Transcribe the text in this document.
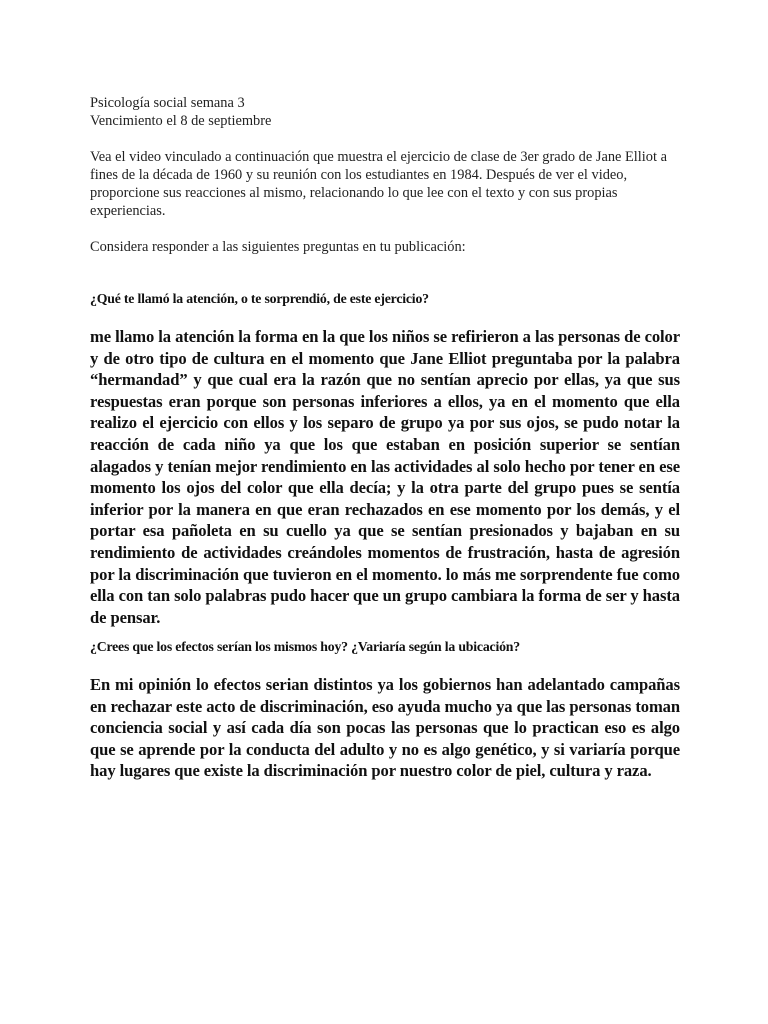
Psicología social semana 3

Vencimiento el 8 de septiembre

Vea el video vinculado a continuación que muestra el ejercicio de clase de 3er grado de Jane Elliot a fines de la década de 1960 y su reunión con los estudiantes en 1984. Después de ver el video, proporcione sus reacciones al mismo, relacionando lo que lee con el texto y con sus propias experiencias.

Considera responder a las siguientes preguntas en tu publicación:

¿Qué te llamó la atención, o te sorprendió, de este ejercicio?

me llamo la atención la forma en la que los niños se refirieron a las personas de color y de otro tipo de cultura en el momento que Jane Elliot preguntaba por la palabra “hermandad” y que cual era la razón que no sentían aprecio por ellas, ya que sus respuestas eran porque son personas inferiores a ellos, ya en el momento que ella realizo el ejercicio con ellos y los separo de grupo ya por sus ojos, se pudo notar la reacción de cada niño ya que los que estaban en posición superior se sentían alagados y tenían mejor rendimiento en las actividades al solo hecho por tener en ese momento los ojos del color que ella decía; y la otra parte del grupo pues se sentía inferior por la manera en que eran rechazados en ese momento por los demás, y el portar esa pañoleta en su cuello ya que se sentían presionados y bajaban en su rendimiento de actividades creándoles momentos de frustración, hasta de agresión por la discriminación que tuvieron en el momento. lo más me sorprendente fue como ella con tan solo palabras pudo hacer que un grupo cambiara la forma de ser y hasta de pensar.

¿Crees que los efectos serían los mismos hoy? ¿Variaría según la ubicación?

En mi opinión lo efectos serian distintos ya los gobiernos han adelantado campañas en rechazar este acto de discriminación, eso ayuda mucho ya que las personas toman conciencia social y así cada día son pocas las personas que lo practican eso es algo que se aprende por la conducta del adulto y no es algo genético, y si variaría porque hay lugares que existe la discriminación por nuestro color de piel, cultura y raza.
